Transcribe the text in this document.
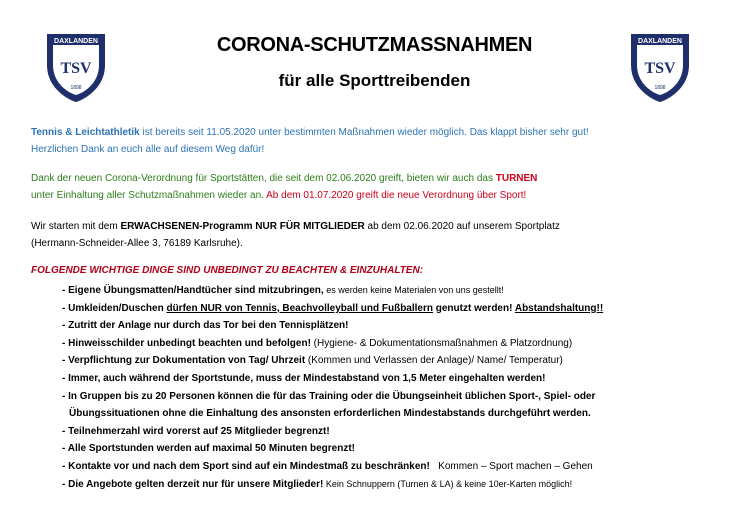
DAXLANDEN
TSV
1898
DAXLANDEN
TSV
1898
CORONA-SCHUTZMASSNAHMEN
für alle Sporttreibenden
Tennis & Leichtathletik ist bereits seit 11.05.2020 unter bestimmten Maßnahmen wieder möglich. Das klappt bisher sehr gut!
Herzlichen Dank an euch alle auf diesem Weg dafür!
Dank der neuen Corona-Verordnung für Sportstätten, die seit dem 02.06.2020 greift, bieten wir auch das TURNEN
unter Einhaltung aller Schutzmaßnahmen wieder an. Ab dem 01.07.2020 greift die neue Verordnung über Sport!
Wir starten mit dem ERWACHSENEN-Programm NUR FÜR MITGLIEDER ab dem 02.06.2020 auf unserem Sportplatz
(Hermann-Schneider-Allee 3, 76189 Karlsruhe).
FOLGENDE WICHTIGE DINGE SIND UNBEDINGT ZU BEACHTEN & EINZUHALTEN:
- Eigene Übungsmatten/Handtücher sind mitzubringen, es werden keine Materialen von uns gestellt!
- Umkleiden/Duschen dürfen NUR von Tennis, Beachvolleyball und Fußballern genutzt werden! Abstandshaltung!!
- Zutritt der Anlage nur durch das Tor bei den Tennisplätzen!
- Hinweisschilder unbedingt beachten und befolgen! (Hygiene- & Dokumentationsmaßnahmen & Platzordnung)
- Verpflichtung zur Dokumentation von Tag/ Uhrzeit (Kommen und Verlassen der Anlage)/ Name/ Temperatur)
- Immer, auch während der Sportstunde, muss der Mindestabstand von 1,5 Meter eingehalten werden!
- In Gruppen bis zu 20 Personen können die für das Training oder die Übungseinheit üblichen Sport-, Spiel- oder
Übungssituationen ohne die Einhaltung des ansonsten erforderlichen Mindestabstands durchgeführt werden.
- Teilnehmerzahl wird vorerst auf 25 Mitglieder begrenzt!
- Alle Sportstunden werden auf maximal 50 Minuten begrenzt!
- Kontakte vor und nach dem Sport sind auf ein Mindestmaß zu beschränken!   Kommen – Sport machen – Gehen
- Die Angebote gelten derzeit nur für unsere Mitglieder! Kein Schnuppern (Turnen & LA) & keine 10er-Karten möglich!
